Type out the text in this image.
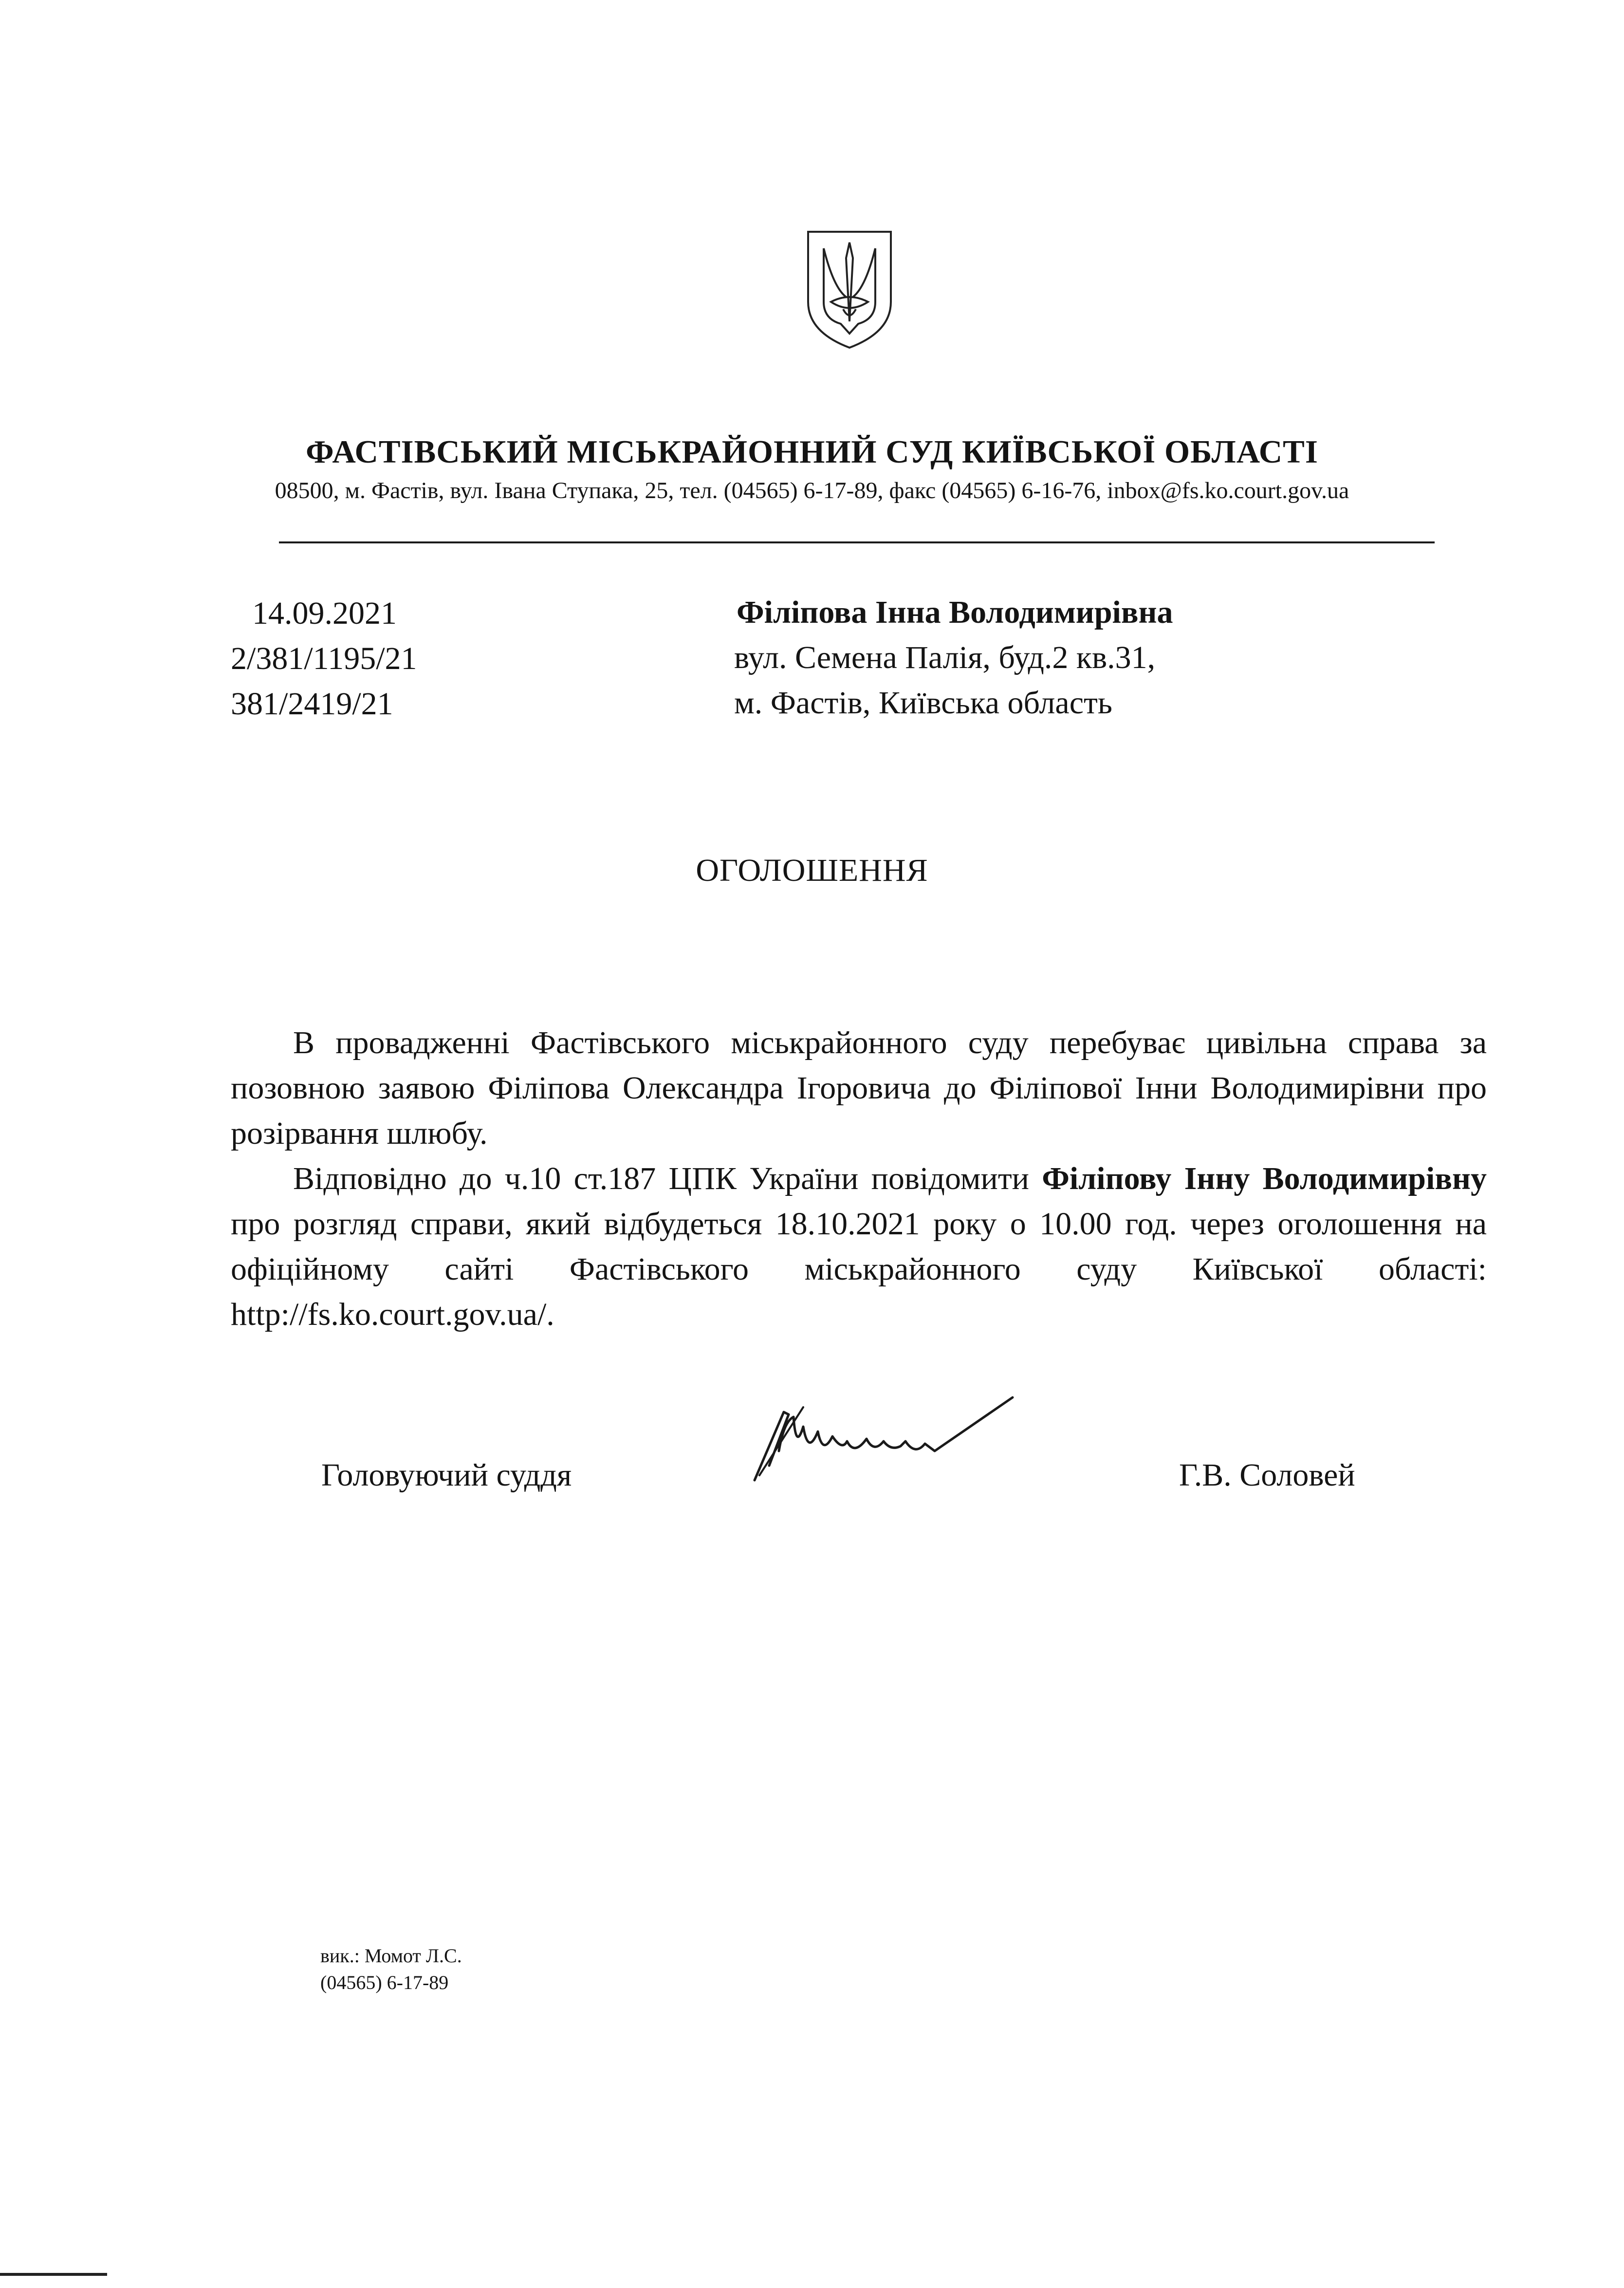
ФАСТІВСЬКИЙ МІСЬКРАЙОННИЙ СУД КИЇВСЬКОЇ ОБЛАСТІ
08500, м. Фастів, вул. Івана Ступака, 25, тел. (04565) 6-17-89, факс (04565) 6-16-76, inbox@fs.ko.court.gov.ua
14.09.2021
2/381/1195/21
381/2419/21
Філіпова Інна Володимирівна
вул. Семена Палія, буд.2 кв.31,
м. Фастів, Київська область
ОГОЛОШЕННЯ

В провадженні Фастівського міськрайонного суду перебуває цивільна справа за позовною заявою Філіпова Олександра Ігоровича до Філіпової Інни Володимирівни про розірвання шлюбу.

Відповідно до ч.10 ст.187 ЦПК України повідомити Філіпову Інну Володимирівну про розгляд справи, який відбудеться 18.10.2021 року о 10.00 год. через оголошення на офіційному сайті Фастівського міськрайонного суду Київської області: http://fs.ko.court.gov.ua/.

Головуючий суддя	Г.В. Соловей
вик.: Момот Л.С.
(04565) 6-17-89
